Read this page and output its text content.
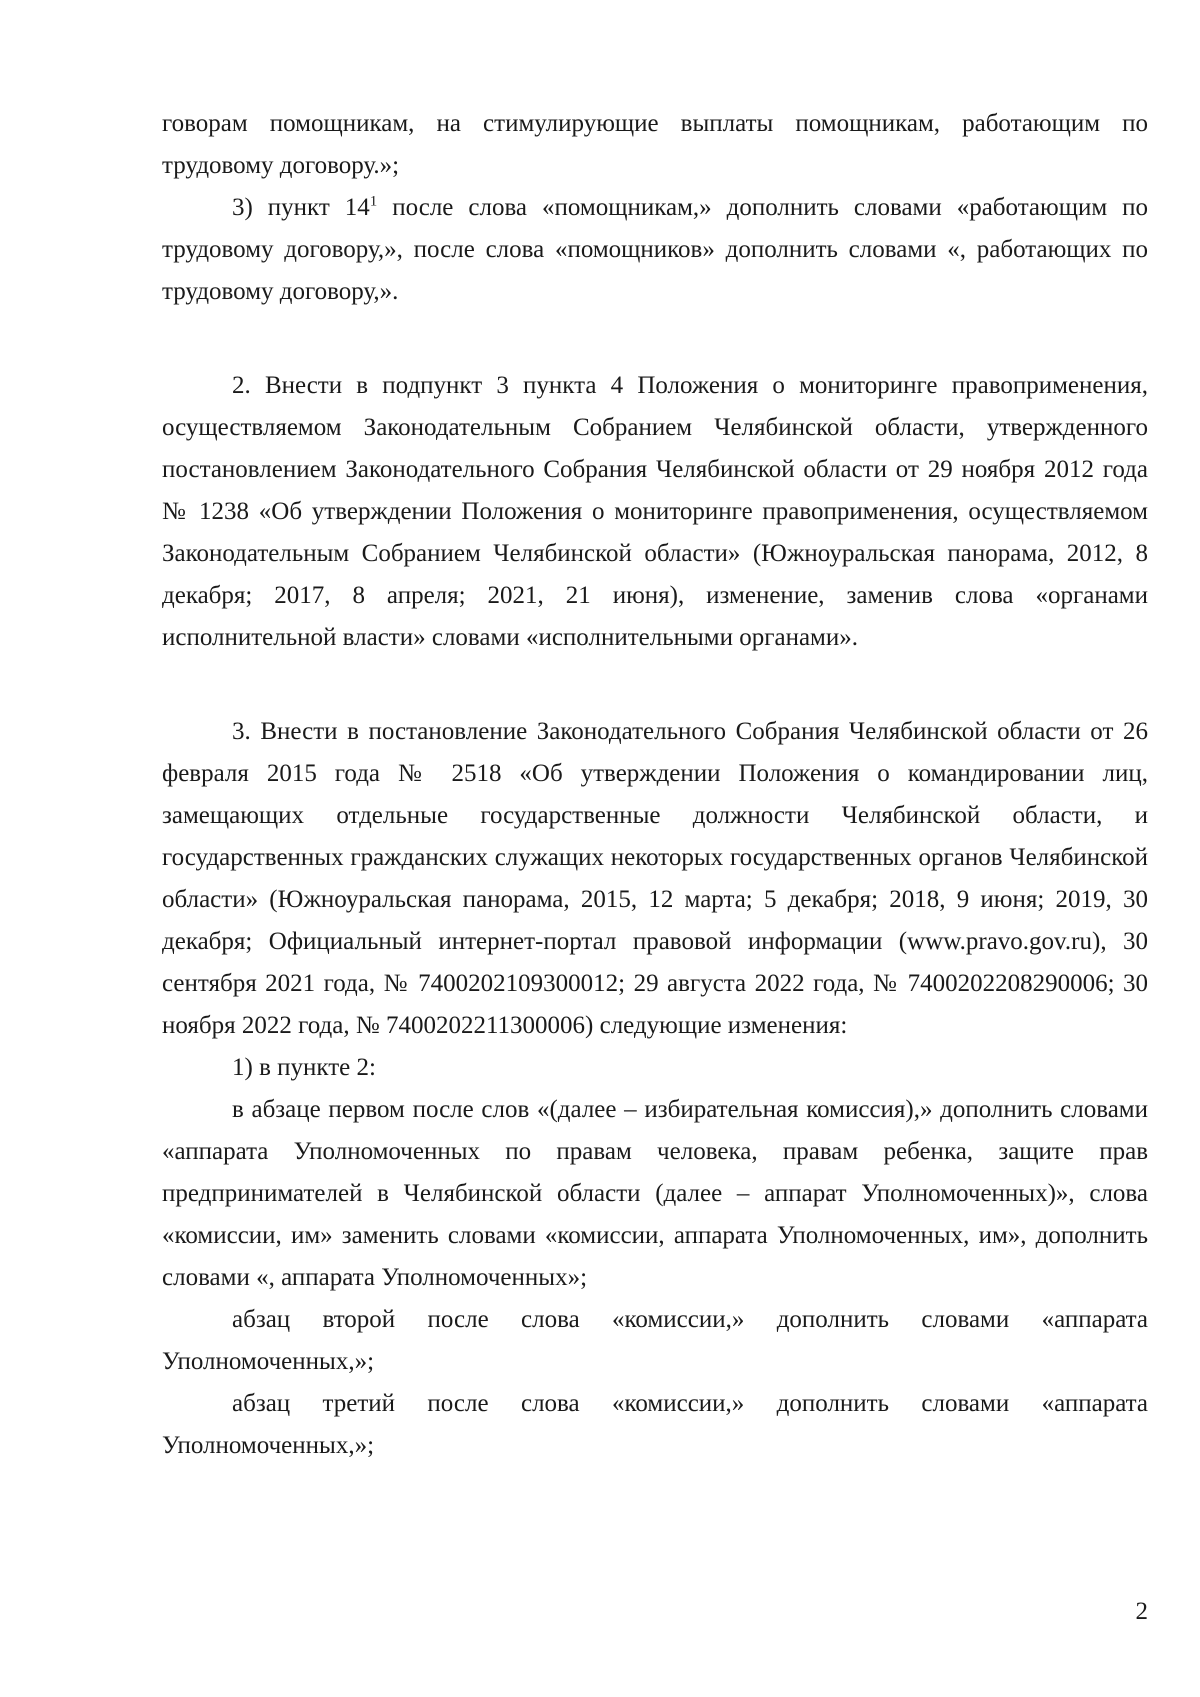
говорам помощникам, на стимулирующие выплаты помощникам, работающим по трудовому договору.»;

3) пункт $14^1$ после слова «помощникам,» дополнить словами «работающим по трудовому договору,», после слова «помощников» дополнить словами «, работающих по трудовому договору,».

2. Внести в подпункт 3 пункта 4 Положения о мониторинге правоприменения, осуществляемом Законодательным Собранием Челябинской области, утвержденного постановлением Законодательного Собрания Челябинской области от 29 ноября 2012 года № 1238 «Об утверждении Положения о мониторинге правоприменения, осуществляемом Законодательным Собранием Челябинской области» (Южноуральская панорама, 2012, 8 декабря; 2017, 8 апреля; 2021, 21 июня), изменение, заменив слова «органами исполнительной власти» словами «исполнительными органами».

3. Внести в постановление Законодательного Собрания Челябинской области от 26 февраля 2015 года № 2518 «Об утверждении Положения о командировании лиц, замещающих отдельные государственные должности Челябинской области, и государственных гражданских служащих некоторых государственных органов Челябинской области» (Южноуральская панорама, 2015, 12 марта; 5 декабря; 2018, 9 июня; 2019, 30 декабря; Официальный интернет-портал правовой информации (www.pravo.gov.ru), 30 сентября 2021 года, № 7400202109300012; 29 августа 2022 года, № 7400202208290006; 30 ноября 2022 года, № 7400202211300006) следующие изменения:

1) в пункте 2:

в абзаце первом после слов «(далее – избирательная комиссия),» дополнить словами «аппарата Уполномоченных по правам человека, правам ребенка, защите прав предпринимателей в Челябинской области (далее – аппарат Уполномоченных)», слова «комиссии, им» заменить словами «комиссии, аппарата Уполномоченных, им», дополнить словами «, аппарата Уполномоченных»;

абзац второй после слова «комиссии,» дополнить словами «аппарата Уполномоченных,»;

абзац третий после слова «комиссии,» дополнить словами «аппарата Уполномоченных,»;

2
